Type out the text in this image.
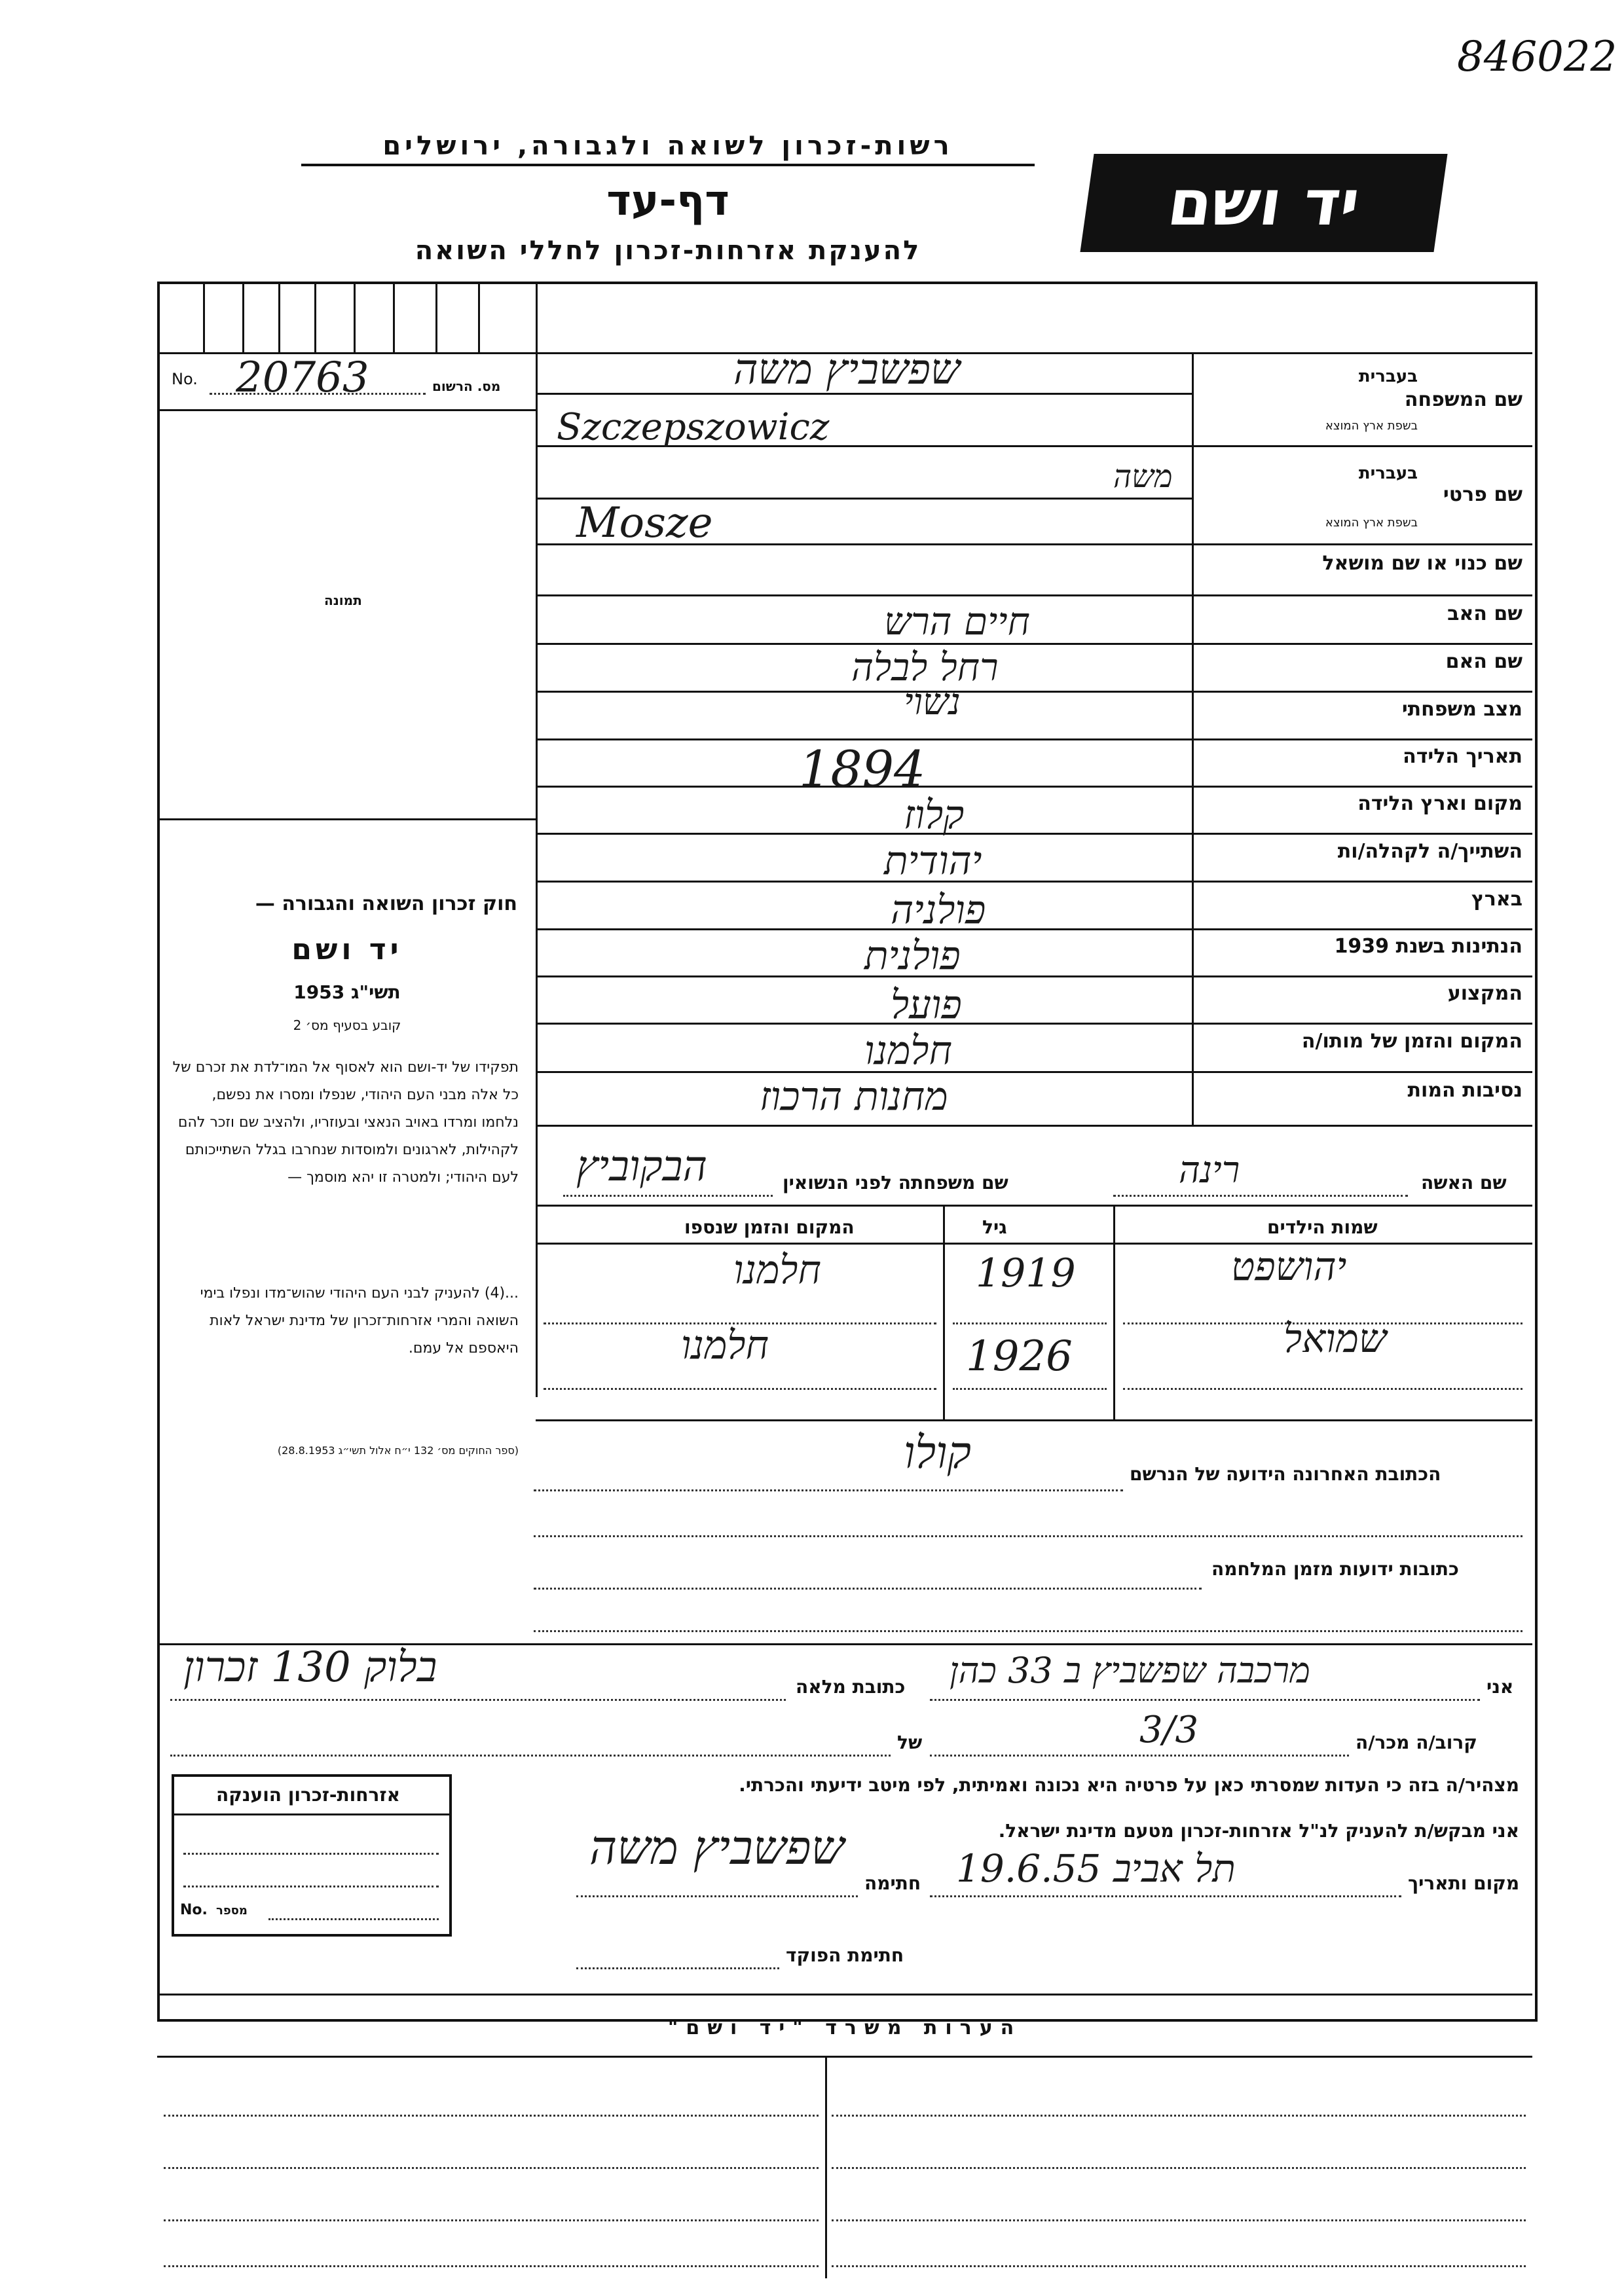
846022
רשות-זכרון לשואה ולגבורה, ירושלים
דף-עד
להענקת אזרחות-זכרון לחללי השואה
יד ושם
No. 20763	מס. הרשום
תמונה
חוק זכרון השואה והגבורה —
יד ושם
תשי"ג 1953
קובע בסעיף מס׳ 2
תפקידו של יד-ושם הוא לאסוף אל המו־לדת את זכרם של כל אלה מבני העם היהודי, שנפלו ומסרו את נפשם, נלחמו ומרדו באויב הנאצי ובעוזריו, ולהציב שם וזכר להם לקהילות, לארגונים ולמוסדות שנחרבו בגלל השתייכותם לעם היהודי; ולמטרה זו יהא מוסמך —
...(4) להעניק לבני העם היהודי שהוש־מדו ונפלו בימי השואה והמרי אזרחות־זכרון של מדינת ישראל לאות היאספם אל עמם.
(ספר החוקים מס׳ 132 י״ח אלול תשי״ג 28.8.1953)
בעברית
שם המשפחה
בשפת ארץ המוצא
בעברית
שם פרטי
בשפת ארץ המוצא
שם כנוי או שם מושאל
שם האב
שם האם
מצב משפחתי
תאריך הלידה
מקום וארץ הלידה
השתייך/ה לקהלה/ות
בארץ
הנתינות בשנת 1939
המקצוע
המקום והזמן של מותו/ה
נסיבות המות
שפשביץ משה
Szczepszowicz
משה
Mosze
חיים הרש
רחל לבלה
נשוי
1894
קלוז
יהודית
פולניה
פולנית
פועל
חלמנו
מחנות הרכוז
שם האשה
רינה
שם משפחתה לפני הנשואין
הבקוביץ
שמות הילדים
גיל
המקום והזמן שנספו
יהושפט
1919
חלמנו
שמואל
1926
חלמנו
קולו	הכתובת האחרונה הידועה של הנרשם
כתובות ידועות מזמן המלחמה
אני
מרכבה שפשביץ ב 33 כהן
כתובת מלאה
בלוק 130 זכרון
קרוב/ה מכר/ה
3/3
של
מצהיר/ה בזה כי העדות שמסרתי כאן על פרטיה היא נכונה ואמיתית, לפי מיטב ידיעתי והכרתי.
אני מבקש/ת להעניק לנ"ל אזרחות-זכרון מטעם מדינת ישראל.
מקום ותאריך
תל אביב 19.6.55
חתימה
שפשביץ משה
חתימת הפוקד
אזרחות-זכרון הוענקה
No. מספר
הערות משרד "יד ושם"
